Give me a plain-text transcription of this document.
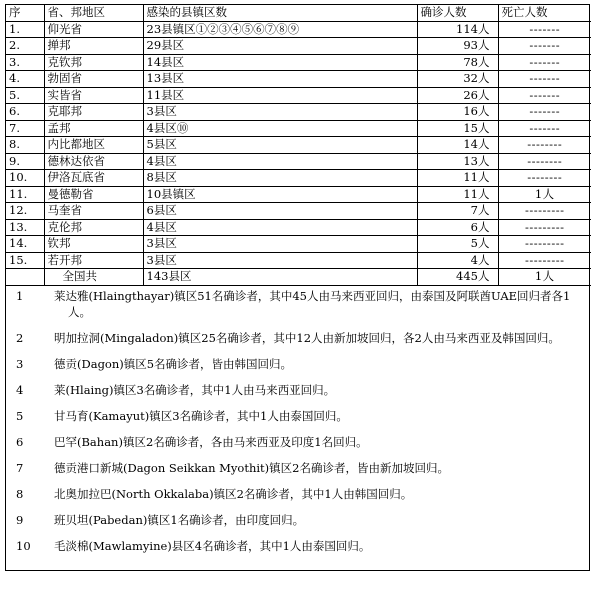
序	省、邦地区	感染的县镇区数	确诊人数	死亡人数
1.	仰光省	23县镇区①②③④⑤⑥⑦⑧⑨	114人	-------
2.	掸邦	29县区	93人	-------
3.	克钦邦	14县区	78人	-------
4.	勃固省	13县区	32人	-------
5.	实皆省	11县区	26人	-------
6.	克耶邦	3县区	16人	-------
7.	孟邦	4县区⑩	15人	-------
8.	内比都地区	5县区	14人	--------
9.	德林达依省	4县区	13人	--------
10.	伊洛瓦底省	8县区	11人	--------
11.	曼德勒省	10县镇区	11人	1人
12.	马奎省	6县区	7人	---------
13.	克伦邦	4县区	6人	---------
14.	钦邦	3县区	5人	---------
15.	若开邦	3县区	4人	---------
	全国共	143县区	445人	1人
1	莱达雅(Hlaingthayar)镇区51名确诊者，其中45人由马来西亚回归，由泰国及阿联酋UAE回归者各1人。
2	明加拉洞(Mingaladon)镇区25名确诊者，其中12人由新加坡回归，各2人由马来西亚及韩国回归。
3	德贡(Dagon)镇区5名确诊者，皆由韩国回归。
4	莱(Hlaing)镇区3名确诊者，其中1人由马来西亚回归。
5	甘马育(Kamayut)镇区3名确诊者，其中1人由泰国回归。
6	巴罕(Bahan)镇区2名确诊者，各由马来西亚及印度1名回归。
7	德贡港口新城(Dagon Seikkan Myothit)镇区2名确诊者，皆由新加坡回归。
8	北奥加拉巴(North Okkalaba)镇区2名确诊者，其中1人由韩国回归。
9	班贝坦(Pabedan)镇区1名确诊者，由印度回归。
10 毛淡棉(Mawlamyine)县区4名确诊者，其中1人由泰国回归。
